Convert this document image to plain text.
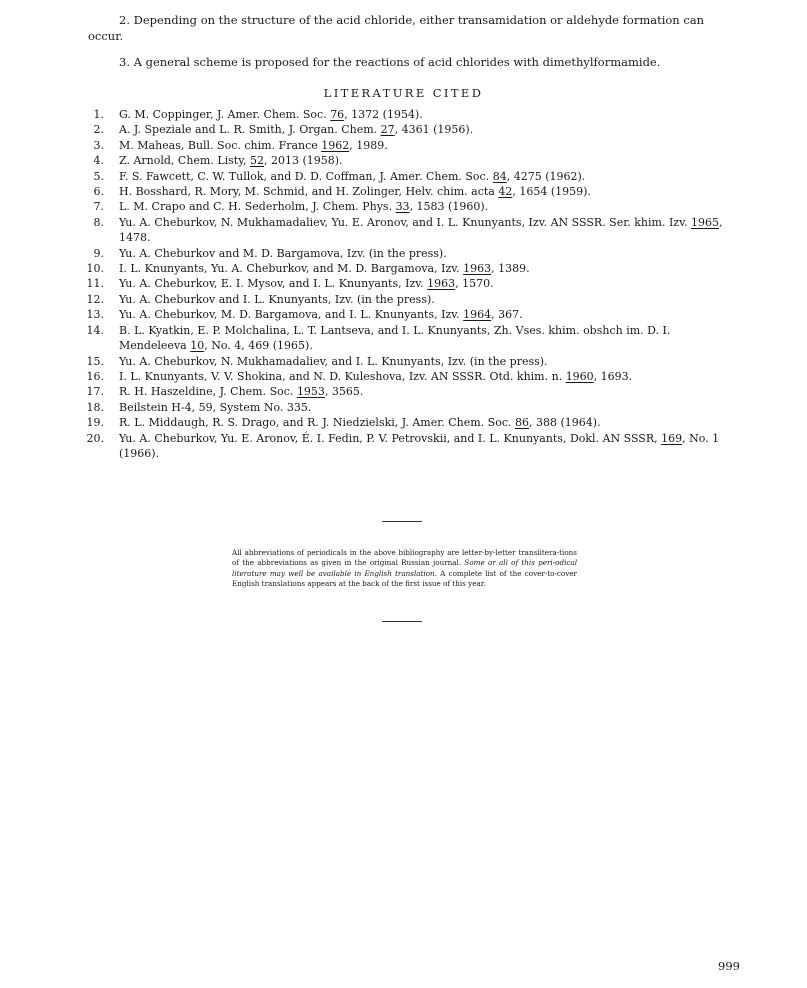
2. Depending on the structure of the acid chloride, either transamidation or aldehyde formation can occur.
3. A general scheme is proposed for the reactions of acid chlorides with dimethylformamide.
LITERATURE CITED
1. G. M. Coppinger, J. Amer. Chem. Soc. 76, 1372 (1954).
2. A. J. Speziale and L. R. Smith, J. Organ. Chem. 27, 4361 (1956).
3. M. Maheas, Bull. Soc. chim. France 1962, 1989.
4. Z. Arnold, Chem. Listy, 52, 2013 (1958).
5. F. S. Fawcett, C. W. Tullok, and D. D. Coffman, J. Amer. Chem. Soc. 84, 4275 (1962).
6. H. Bosshard, R. Mory, M. Schmid, and H. Zolinger, Helv. chim. acta 42, 1654 (1959).
7. L. M. Crapo and C. H. Sederholm, J. Chem. Phys. 33, 1583 (1960).
8. Yu. A. Cheburkov, N. Mukhamadaliev, Yu. E. Aronov, and I. L. Knunyants, Izv. AN SSSR. Ser. khim. Izv. 1965, 1478.
9. Yu. A. Cheburkov and M. D. Bargamova, Izv. (in the press).
10. I. L. Knunyants, Yu. A. Cheburkov, and M. D. Bargamova, Izv. 1963, 1389.
11. Yu. A. Cheburkov, E. I. Mysov, and I. L. Knunyants, Izv. 1963, 1570.
12. Yu. A. Cheburkov and I. L. Knunyants, Izv. (in the press).
13. Yu. A. Cheburkov, M. D. Bargamova, and I. L. Knunyants, Izv. 1964, 367.
14. B. L. Kyatkin, E. P. Molchalina, L. T. Lantseva, and I. L. Knunyants, Zh. Vses. khim. obshch im. D. I. Mendeleeva 10, No. 4, 469 (1965).
15. Yu. A. Cheburkov, N. Mukhamadaliev, and I. L. Knunyants, Izv. (in the press).
16. I. L. Knunyants, V. V. Shokina, and N. D. Kuleshova, Izv. AN SSSR. Otd. khim. n. 1960, 1693.
17. R. H. Haszeldine, J. Chem. Soc. 1953, 3565.
18. Beilstein H-4, 59, System No. 335.
19. R. L. Middaugh, R. S. Drago, and R. J. Niedzielski, J. Amer. Chem. Soc. 86, 388 (1964).
20. Yu. A. Cheburkov, Yu. E. Aronov, É. I. Fedin, P. V. Petrovskii, and I. L. Knunyants, Dokl. AN SSSR, 169, No. 1 (1966).
All abbreviations of periodicals in the above bibliography are letter-by-letter translitera-tions of the abbreviations as given in the original Russian journal. Some or all of this peri-odical literature may well be available in English translation. A complete list of the cover-to-cover English translations appears at the back of the first issue of this year.
999
